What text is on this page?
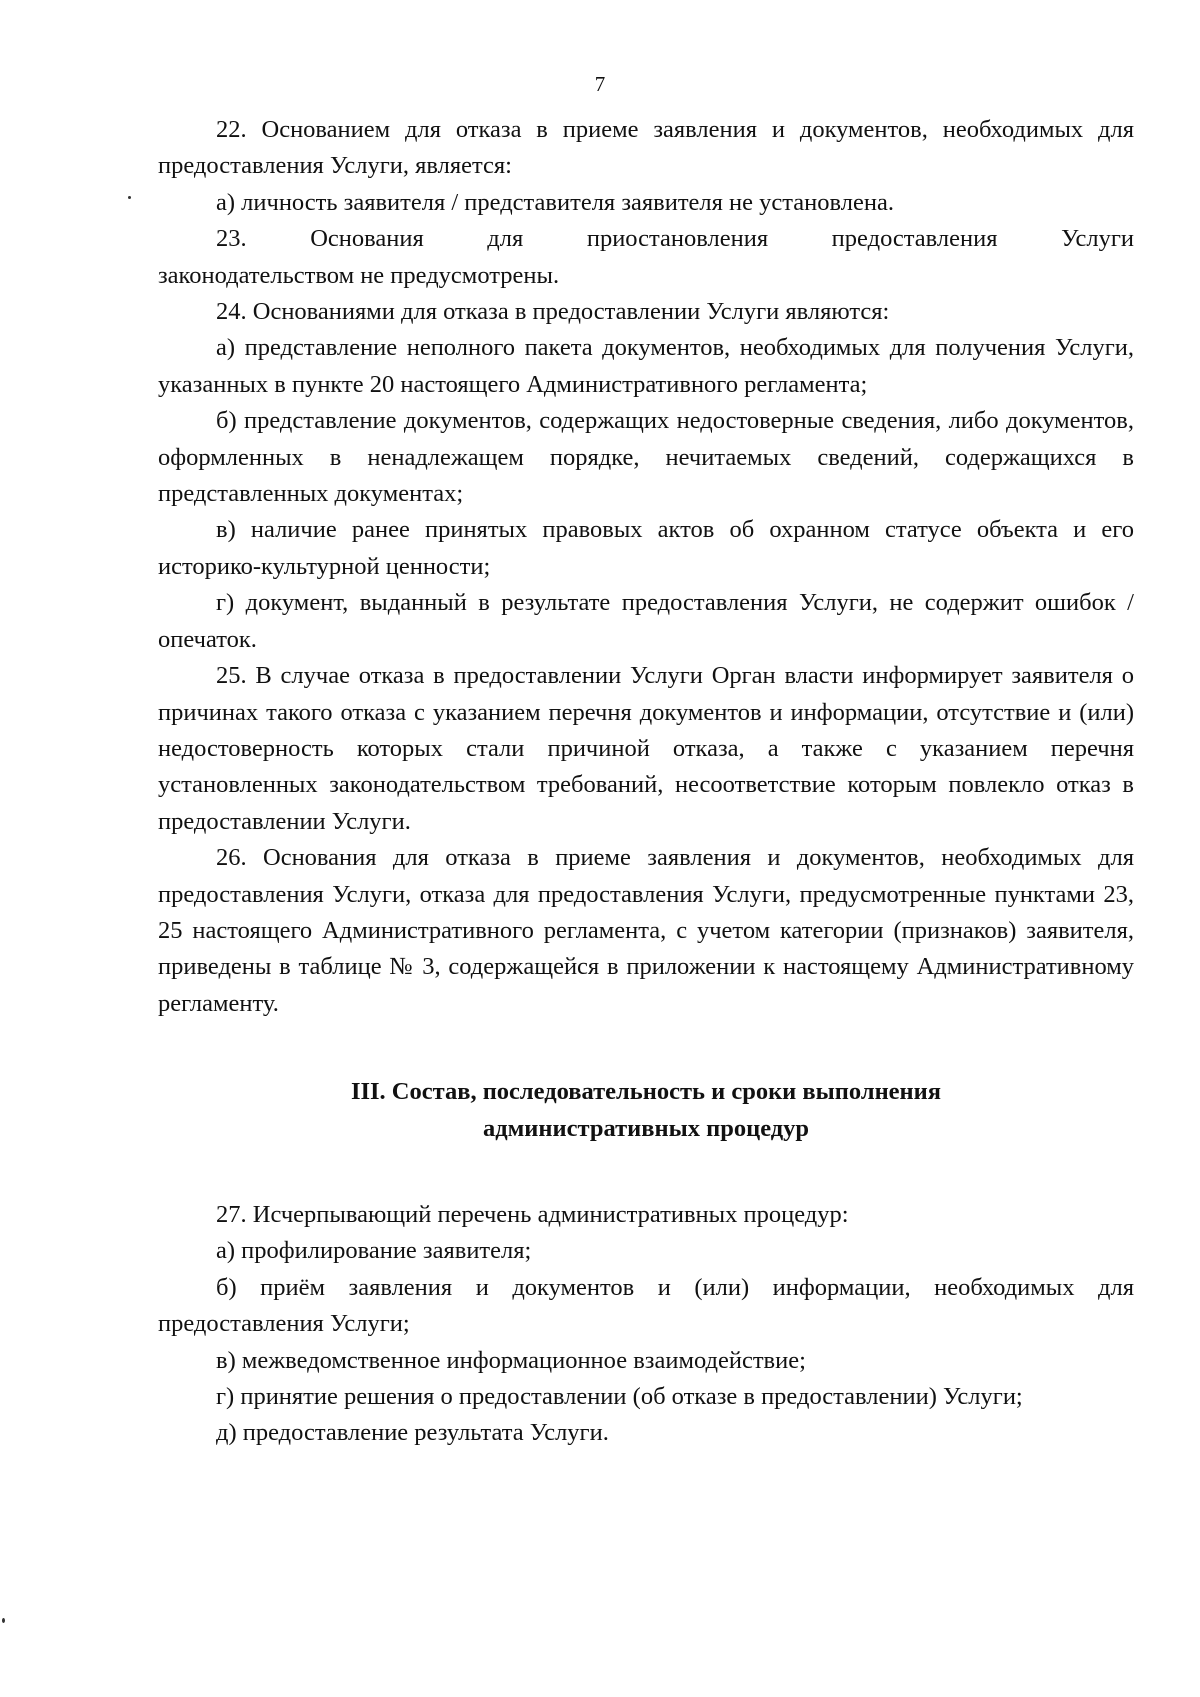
7

22. Основанием для отказа в приеме заявления и документов, необходимых для предоставления Услуги, является:

а) личность заявителя / представителя заявителя не установлена.

23. Основания для приостановления предоставления Услуги

законодательством не предусмотрены.

24. Основаниями для отказа в предоставлении Услуги являются:

а) представление неполного пакета документов, необходимых для получения Услуги, указанных в пункте 20 настоящего Административного регламента;

б) представление документов, содержащих недостоверные сведения, либо документов, оформленных в ненадлежащем порядке, нечитаемых сведений, содержащихся в представленных документах;

в) наличие ранее принятых правовых актов об охранном статусе объекта и его историко-культурной ценности;

г) документ, выданный в результате предоставления Услуги, не содержит ошибок / опечаток.

25. В случае отказа в предоставлении Услуги Орган власти информирует заявителя о причинах такого отказа с указанием перечня документов и информации, отсутствие и (или) недостоверность которых стали причиной отказа, а также с указанием перечня установленных законодательством требований, несоответствие которым повлекло отказ в предоставлении Услуги.

26. Основания для отказа в приеме заявления и документов, необходимых для предоставления Услуги, отказа для предоставления Услуги, предусмотренные пунктами 23, 25 настоящего Административного регламента, с учетом категории (признаков) заявителя, приведены в таблице № 3, содержащейся в приложении к настоящему Административному регламенту.

III. Состав, последовательность и сроки выполнения
административных процедур

27. Исчерпывающий перечень административных процедур:

а) профилирование заявителя;

б) приём заявления и документов и (или) информации, необходимых для предоставления Услуги;

в) межведомственное информационное взаимодействие;

г) принятие решения о предоставлении (об отказе в предоставлении) Услуги;

д) предоставление результата Услуги.
